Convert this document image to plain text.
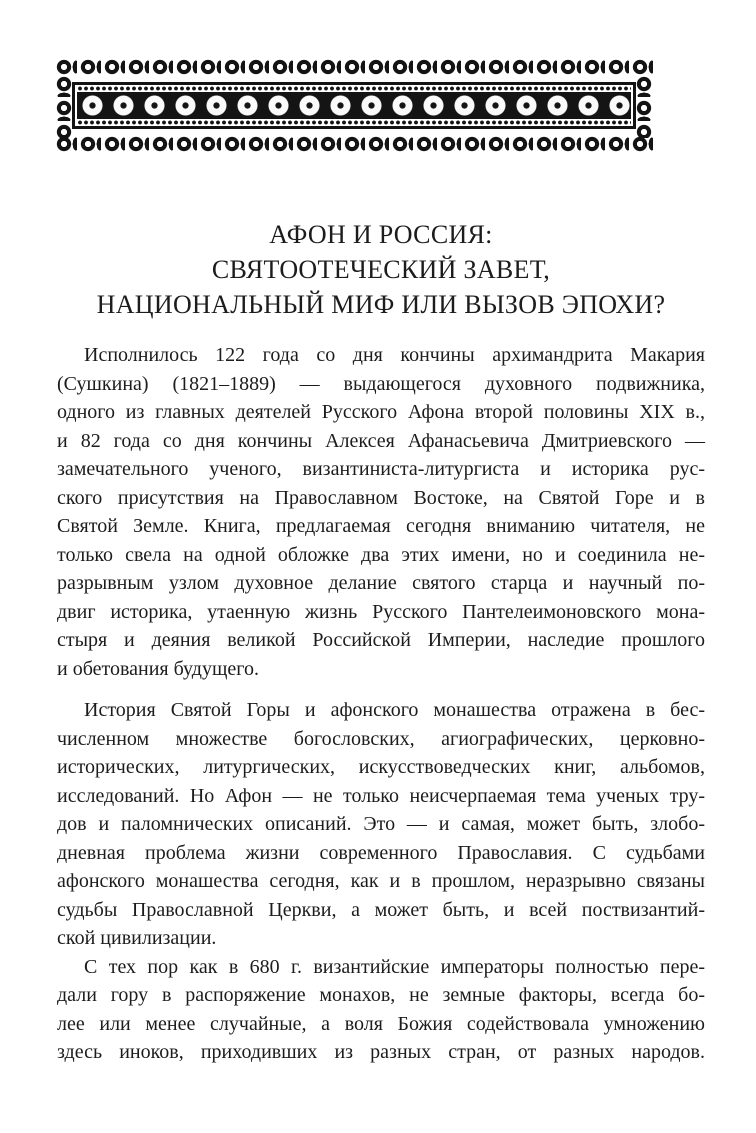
АФОН И РОССИЯ:
СВЯТООТЕЧЕСКИЙ ЗАВЕТ,
НАЦИОНАЛЬНЫЙ МИФ ИЛИ ВЫЗОВ ЭПОХИ?
Исполнилось 122 года со дня кончины архимандрита Макария
(Сушкина) (1821–1889) — выдающегося духовного подвижника,
одного из главных деятелей Русского Афона второй половины XIX в.,
и 82 года со дня кончины Алексея Афанасьевича Дмитриевского —
замечательного ученого, византиниста-литургиста и историка рус-
ского присутствия на Православном Востоке, на Святой Горе и в
Святой Земле. Книга, предлагаемая сегодня вниманию читателя, не
только свела на одной обложке два этих имени, но и соединила не-
разрывным узлом духовное делание святого старца и научный по-
двиг историка, утаенную жизнь Русского Пантелеимоновского мона-
стыря и деяния великой Российской Империи, наследие прошлого
и обетования будущего.
История Святой Горы и афонского монашества отражена в бес-
численном множестве богословских, агиографических, церковно-
исторических, литургических, искусствоведческих книг, альбомов,
исследований. Но Афон — не только неисчерпаемая тема ученых тру-
дов и паломнических описаний. Это — и самая, может быть, злобо-
дневная проблема жизни современного Православия. С судьбами
афонского монашества сегодня, как и в прошлом, неразрывно связаны
судьбы Православной Церкви, а может быть, и всей поствизантий-
ской цивилизации.
С тех пор как в 680 г. византийские императоры полностью пере-
дали гору в распоряжение монахов, не земные факторы, всегда бо-
лее или менее случайные, а воля Божия содействовала умножению
здесь иноков, приходивших из разных стран, от разных народов.
